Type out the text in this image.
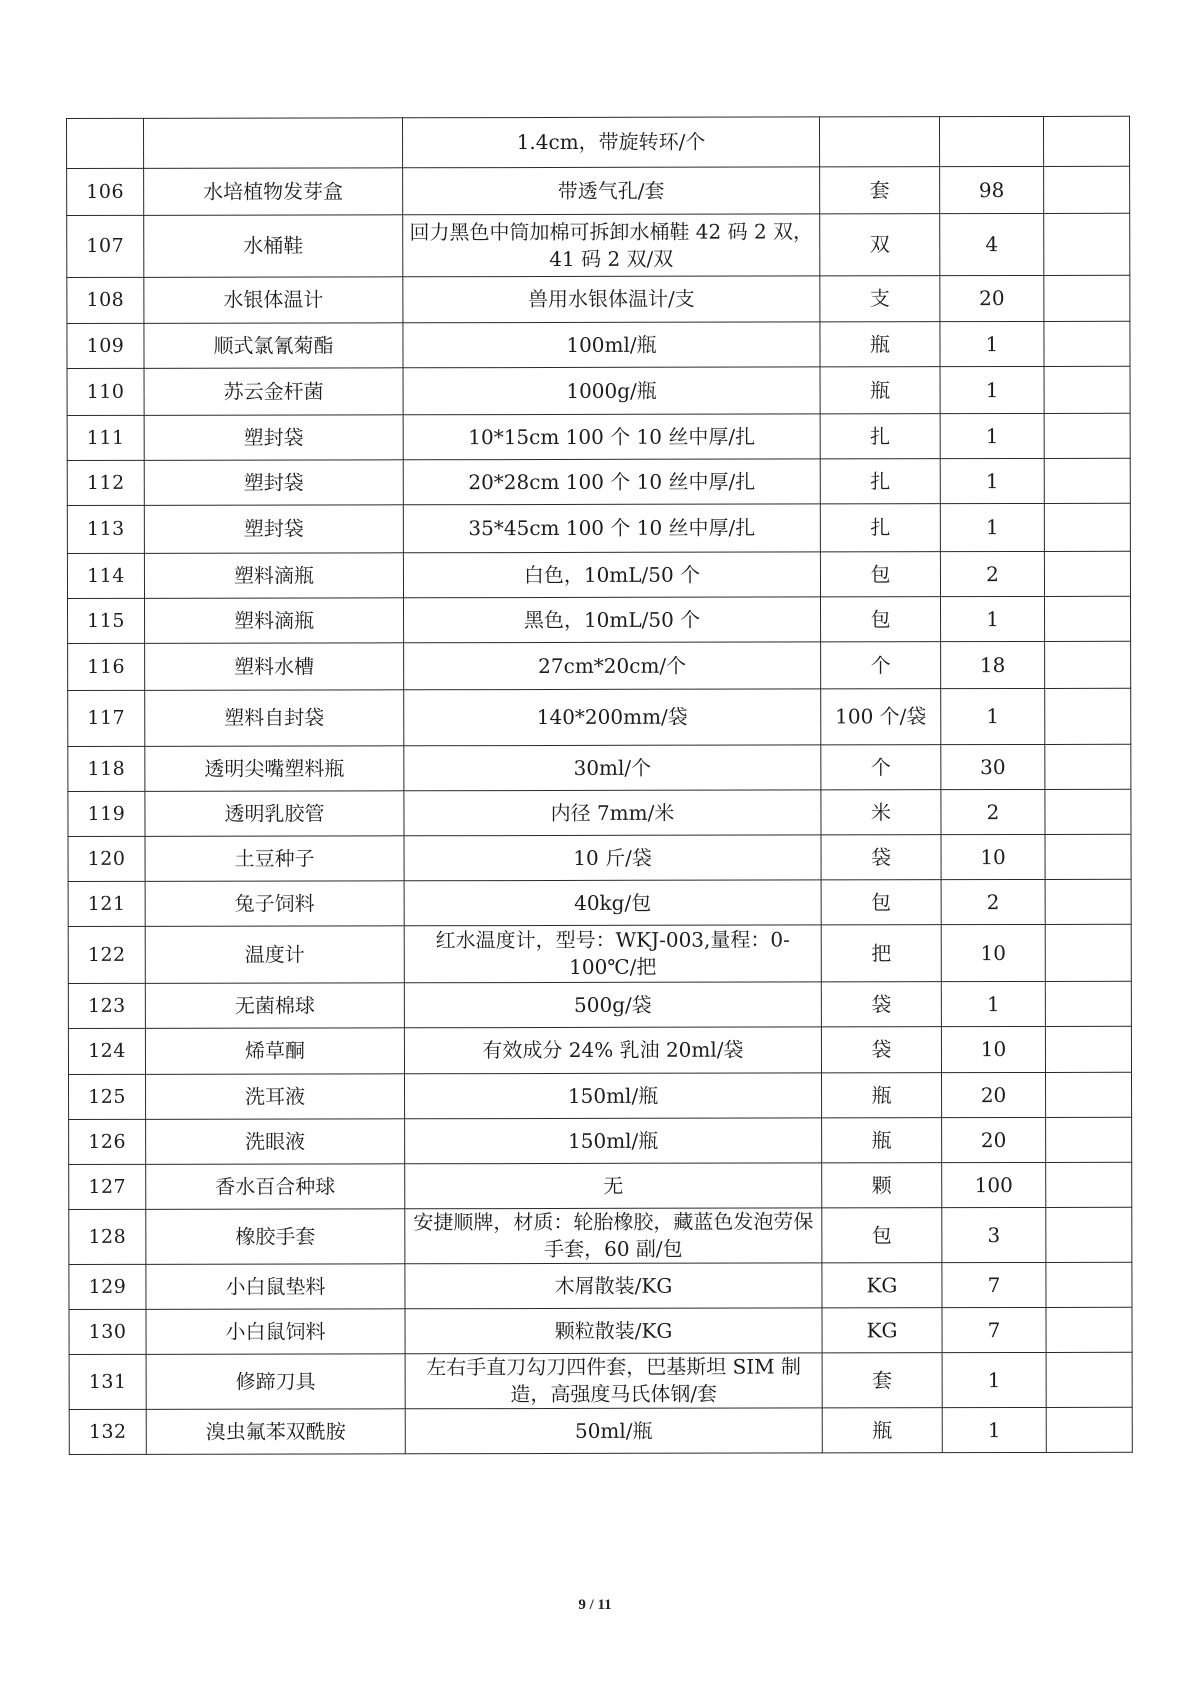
		1.4cm，带旋转环/个			
106	水培植物发芽盒	带透气孔/套	套	98	
107	水桶鞋	回力黑色中筒加棉可拆卸水桶鞋 42 码 2 双，41 码 2 双/双	双	4	
108	水银体温计	兽用水银体温计/支	支	20	
109	顺式氯氰菊酯	100ml/瓶	瓶	1	
110	苏云金杆菌	1000g/瓶	瓶	1	
111	塑封袋	10*15cm 100 个 10 丝中厚/扎	扎	1	
112	塑封袋	20*28cm 100 个 10 丝中厚/扎	扎	1	
113	塑封袋	35*45cm 100 个 10 丝中厚/扎	扎	1	
114	塑料滴瓶	白色，10mL/50 个	包	2	
115	塑料滴瓶	黑色，10mL/50 个	包	1	
116	塑料水槽	27cm*20cm/个	个	18	
117	塑料自封袋	140*200mm/袋	100 个/袋	1	
118	透明尖嘴塑料瓶	30ml/个	个	30	
119	透明乳胶管	内径 7mm/米	米	2	
120	土豆种子	10 斤/袋	袋	10	
121	兔子饲料	40kg/包	包	2	
122	温度计	红水温度计，型号：WKJ-003,量程：0-100℃/把	把	10	
123	无菌棉球	500g/袋	袋	1	
124	烯草酮	有效成分 24% 乳油 20ml/袋	袋	10	
125	洗耳液	150ml/瓶	瓶	20	
126	洗眼液	150ml/瓶	瓶	20	
127	香水百合种球	无	颗	100	
128	橡胶手套	安捷顺牌，材质：轮胎橡胶，藏蓝色发泡劳保手套，60 副/包	包	3	
129	小白鼠垫料	木屑散装/KG	KG	7	
130	小白鼠饲料	颗粒散装/KG	KG	7	
131	修蹄刀具	左右手直刀勾刀四件套，巴基斯坦 SIM 制造，高强度马氏体钢/套	套	1	
132	溴虫氟苯双酰胺	50ml/瓶	瓶	1	
9 / 11
